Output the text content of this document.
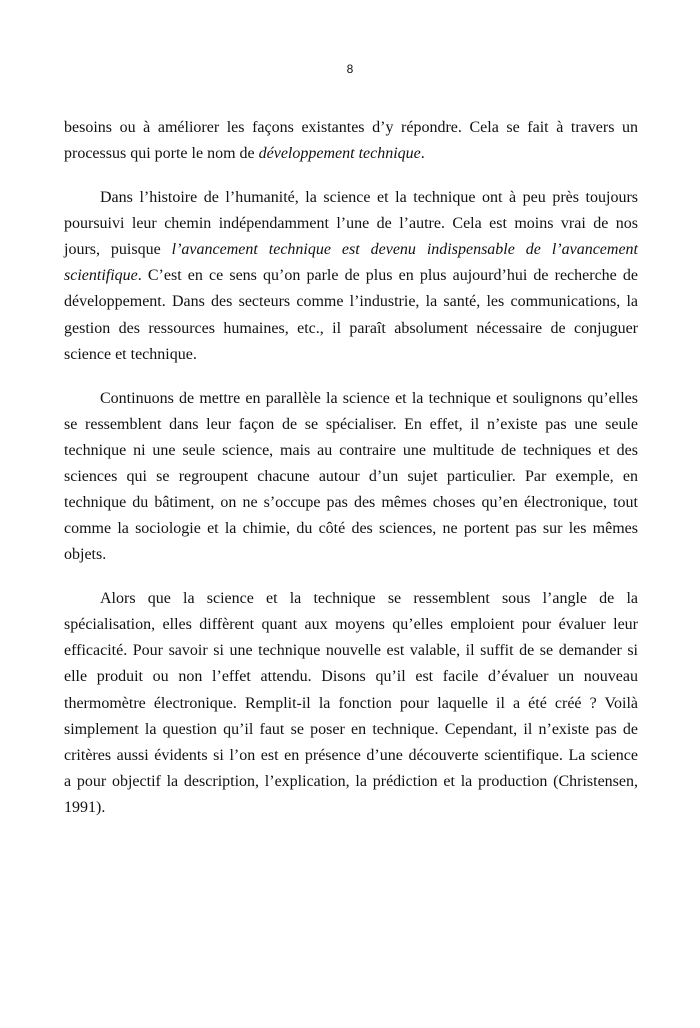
8
besoins ou à améliorer les façons existantes d’y répondre. Cela se fait à travers un
processus qui porte le nom de développement technique.
Dans l’histoire de l’humanité, la science et la technique ont à peu près toujours
poursuivi leur chemin indépendamment l’une de l’autre. Cela est moins vrai de nos
jours, puisque l’avancement technique est devenu indispensable de l’avancement
scientifique. C’est en ce sens qu’on parle de plus en plus aujourd’hui de recherche de
développement. Dans des secteurs comme l’industrie, la santé, les communications, la
gestion des ressources humaines, etc., il paraît absolument nécessaire de conjuguer
science et technique.
Continuons de mettre en parallèle la science et la technique et soulignons qu’elles
se ressemblent dans leur façon de se spécialiser. En effet, il n’existe pas une seule
technique ni une seule science, mais au contraire une multitude de techniques et des
sciences qui se regroupent chacune autour d’un sujet particulier. Par exemple, en
technique du bâtiment, on ne s’occupe pas des mêmes choses qu’en électronique, tout
comme la sociologie et la chimie, du côté des sciences, ne portent pas sur les mêmes
objets.
Alors que la science et la technique se ressemblent sous l’angle de la
spécialisation, elles diffèrent quant aux moyens qu’elles emploient pour évaluer leur
efficacité. Pour savoir si une technique nouvelle est valable, il suffit de se demander si
elle produit ou non l’effet attendu. Disons qu’il est facile d’évaluer un nouveau
thermomètre électronique. Remplit-il la fonction pour laquelle il a été créé ? Voilà
simplement la question qu’il faut se poser en technique. Cependant, il n’existe pas de
critères aussi évidents si l’on est en présence d’une découverte scientifique. La science
a pour objectif la description, l’explication, la prédiction et la production (Christensen,
1991).
